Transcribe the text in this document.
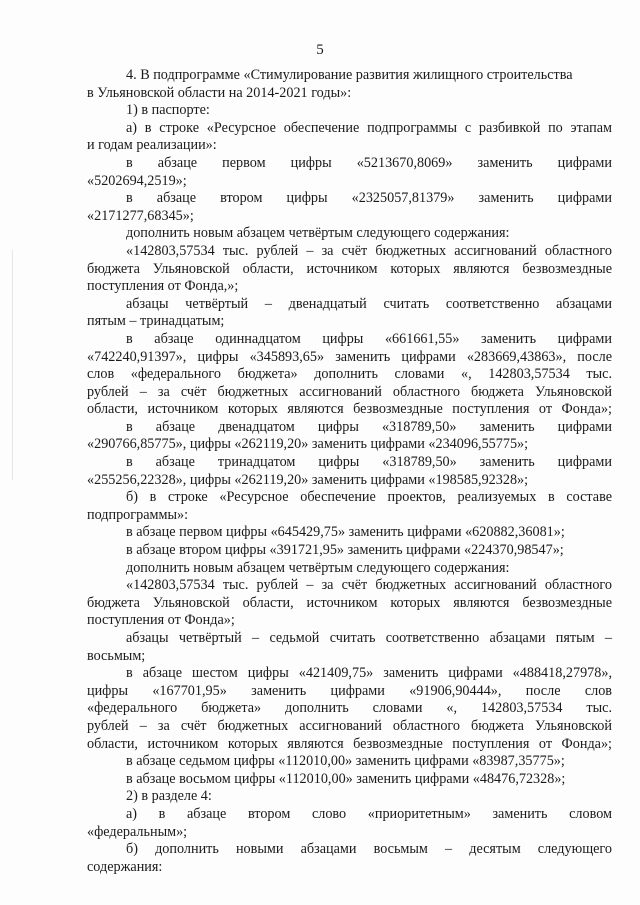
5

4. В подпрограмме «Стимулирование развития жилищного строительства

в Ульяновской области на 2014-2021 годы»:

1) в паспорте:

а) в строке «Ресурсное обеспечение подпрограммы с разбивкой по этапам

и годам реализации»:

в абзаце первом цифры «5213670,8069» заменить цифрами

«5202694,2519»;

в абзаце втором цифры «2325057,81379» заменить цифрами

«2171277,68345»;

дополнить новым абзацем четвёртым следующего содержания:

«142803,57534 тыс. рублей – за счёт бюджетных ассигнований областного

бюджета Ульяновской области, источником которых являются безвозмездные

поступления от Фонда,»;

абзацы четвёртый – двенадцатый считать соответственно абзацами

пятым – тринадцатым;

в абзаце одиннадцатом цифры «661661,55» заменить цифрами

«742240,91397», цифры «345893,65» заменить цифрами «283669,43863», после

слов «федерального бюджета» дополнить словами «, 142803,57534 тыс.

рублей – за счёт бюджетных ассигнований областного бюджета Ульяновской

области, источником которых являются безвозмездные поступления от Фонда»;

в абзаце двенадцатом цифры «318789,50» заменить цифрами

«290766,85775», цифры «262119,20» заменить цифрами «234096,55775»;

в абзаце тринадцатом цифры «318789,50» заменить цифрами

«255256,22328», цифры «262119,20» заменить цифрами «198585,92328»;

б) в строке «Ресурсное обеспечение проектов, реализуемых в составе

подпрограммы»:

в абзаце первом цифры «645429,75» заменить цифрами «620882,36081»;

в абзаце втором цифры «391721,95» заменить цифрами «224370,98547»;

дополнить новым абзацем четвёртым следующего содержания:

«142803,57534 тыс. рублей – за счёт бюджетных ассигнований областного

бюджета Ульяновской области, источником которых являются безвозмездные

поступления от Фонда»;

абзацы четвёртый – седьмой считать соответственно абзацами пятым –

восьмым;

в абзаце шестом цифры «421409,75» заменить цифрами «488418,27978»,

цифры «167701,95» заменить цифрами «91906,90444», после слов

«федерального бюджета» дополнить словами «, 142803,57534 тыс.

рублей – за счёт бюджетных ассигнований областного бюджета Ульяновской

области, источником которых являются безвозмездные поступления от Фонда»;

в абзаце седьмом цифры «112010,00» заменить цифрами «83987,35775»;

в абзаце восьмом цифры «112010,00» заменить цифрами «48476,72328»;

2) в разделе 4:

а) в абзаце втором слово «приоритетным» заменить словом

«федеральным»;

б) дополнить новыми абзацами восьмым – десятым следующего

содержания:
